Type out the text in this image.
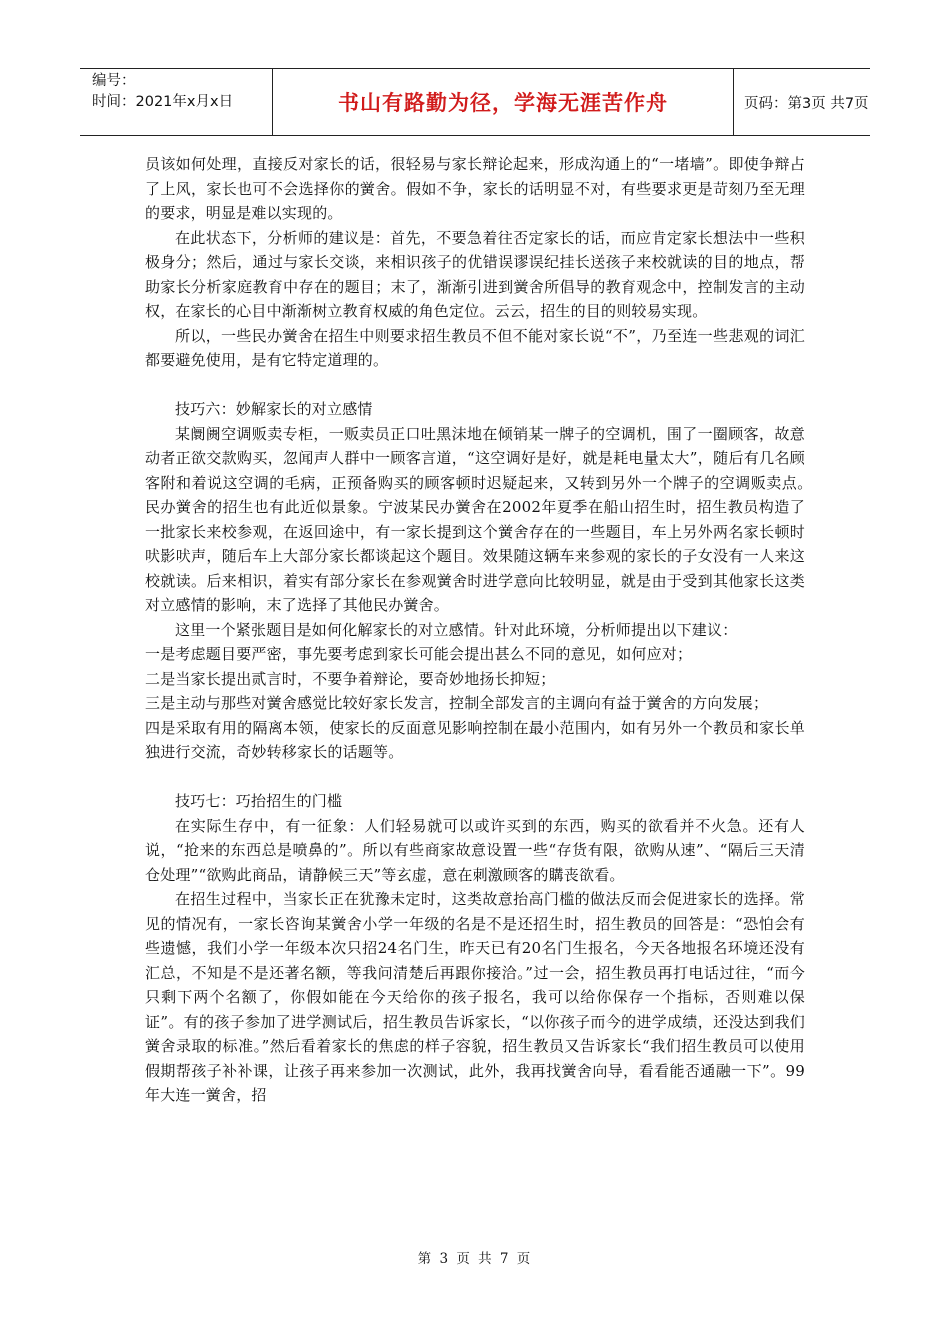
编号：
时间：2021年x月x日	书山有路勤为径，学海无涯苦作舟	页码：第3页 共7页

员该如何处理，直接反对家长的话，很轻易与家长辩论起来，形成沟通上的“一堵墙”。即使争辩占了上风，家长也可不会选择你的黉舍。假如不争，家长的话明显不对，有些要求更是苛刻乃至无理的要求，明显是难以实现的。

在此状态下，分析师的建议是：首先，不要急着往否定家长的话，而应肯定家长想法中一些积极身分；然后，通过与家长交谈，来相识孩子的优错误谬误纪挂长送孩子来校就读的目的地点，帮助家长分析家庭教育中存在的题目；末了，渐渐引进到黉舍所倡导的教育观念中，控制发言的主动权，在家长的心目中渐渐树立教育权威的角色定位。云云，招生的目的则较易实现。

所以，一些民办黉舍在招生中则要求招生教员不但不能对家长说“不”，乃至连一些悲观的词汇都要避免使用，是有它特定道理的。

技巧六：妙解家长的对立感情

某阛阓空调贩卖专柜，一贩卖员正口吐黑沫地在倾销某一牌子的空调机，围了一圈顾客，故意动者正欲交款购买，忽闻声人群中一顾客言道，“这空调好是好，就是耗电量太大”，随后有几名顾客附和着说这空调的毛病，正预备购买的顾客顿时迟疑起来，又转到另外一个牌子的空调贩卖点。　　民办黉舍的招生也有此近似景象。宁波某民办黉舍在2002年夏季在船山招生时，招生教员构造了一批家长来校参观，在返回途中，有一家长提到这个黉舍存在的一些题目，车上另外两名家长顿时吠影吠声，随后车上大部分家长都谈起这个题目。效果随这辆车来参观的家长的子女没有一人来这校就读。后来相识，着实有部分家长在参观黉舍时进学意向比较明显，就是由于受到其他家长这类对立感情的影响，末了选择了其他民办黉舍。

这里一个紧张题目是如何化解家长的对立感情。针对此环境，分析师提出以下建议：

一是考虑题目要严密，事先要考虑到家长可能会提出甚么不同的意见，如何应对；

二是当家长提出贰言时，不要争着辩论，要奇妙地扬长抑短；

三是主动与那些对黉舍感觉比较好家长发言，控制全部发言的主调向有益于黉舍的方向发展；

四是采取有用的隔离本领，使家长的反面意见影响控制在最小范围内，如有另外一个教员和家长单独进行交流，奇妙转移家长的话题等。

技巧七：巧抬招生的门槛

在实际生存中，有一征象：人们轻易就可以或许买到的东西，购买的欲看并不火急。还有人说，“抢来的东西总是喷鼻的”。所以有些商家故意设置一些“存货有限，欲购从速”、“隔后三天清仓处理”“欲购此商品，请静候三天”等玄虚，意在刺激顾客的購丧欲看。

在招生过程中，当家长正在犹豫未定时，这类故意抬高门槛的做法反而会促进家长的选择。常见的情况有，一家长咨询某黉舍小学一年级的名是不是还招生时，招生教员的回答是：“恐怕会有些遗憾，我们小学一年级本次只招24名门生，昨天已有20名门生报名，今天各地报名环境还没有汇总，不知是不是还著名额，等我问清楚后再跟你接洽。”过一会，招生教员再打电话过往，“而今只剩下两个名额了，你假如能在今天给你的孩子报名，我可以给你保存一个指标，否则难以保证”。有的孩子参加了进学测试后，招生教员告诉家长，“以你孩子而今的进学成绩，还没达到我们黉舍录取的标准。”然后看着家长的焦虑的样子容貌，招生教员又告诉家长“我们招生教员可以使用假期帮孩子补补课，让孩子再来参加一次测试，此外，我再找黉舍向导，看看能否通融一下”。99年大连一黉舍，招

第 3 页 共 7 页
